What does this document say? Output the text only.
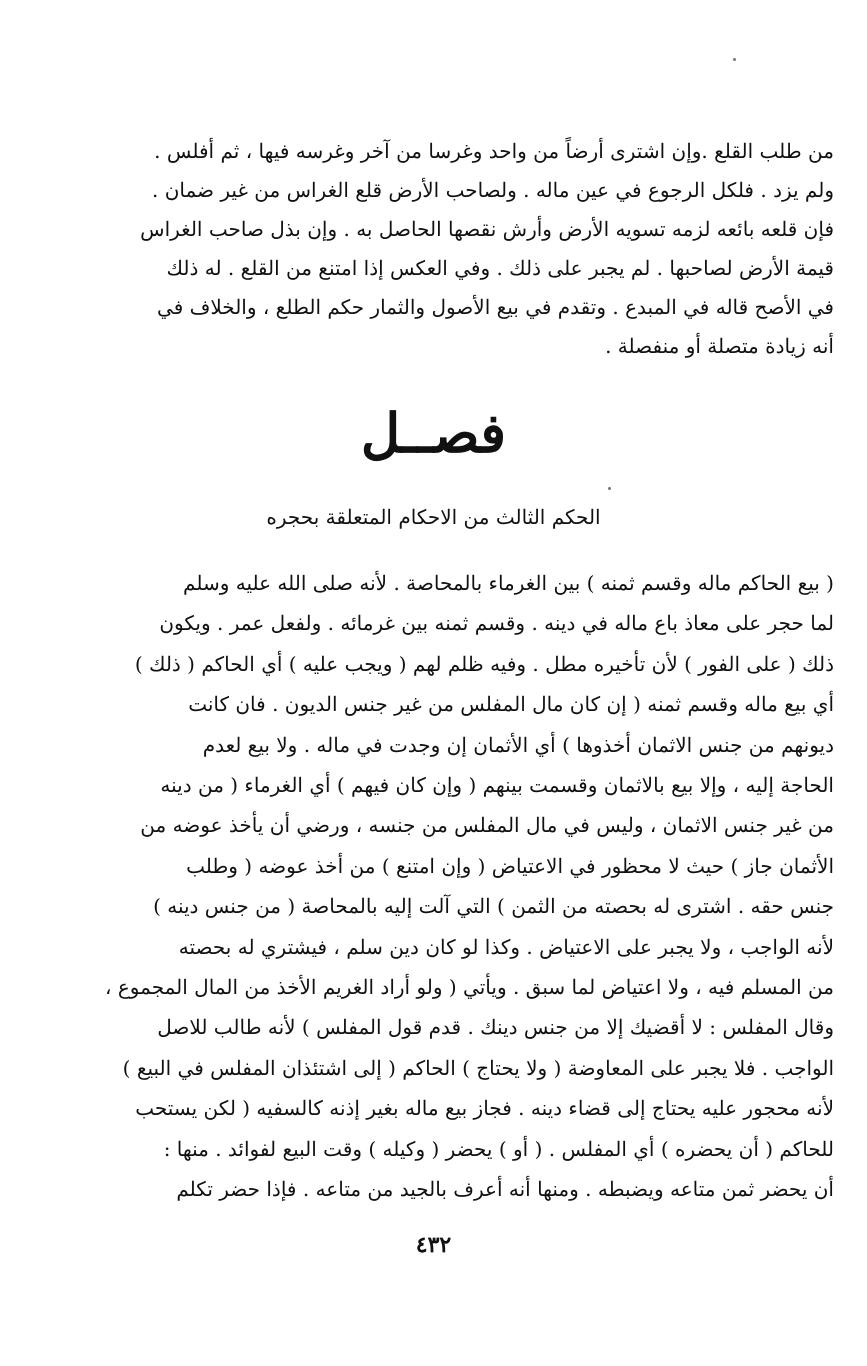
من طلب القلع .وإن اشترى أرضاً من واحد وغرسا من آخر وغرسه فيها ، ثم أفلس .
ولم يزد . فلكل الرجوع في عين ماله . ولصاحب الأرض قلع الغراس من غير ضمان .
فإن قلعه بائعه لزمه تسويه الأرض وأرش نقصها الحاصل به . وإن بذل صاحب الغراس
قيمة الأرض لصاحبها . لم يجبر على ذلك . وفي العكس إذا امتنع من القلع . له ذلك
في الأصح قاله في المبدع . وتقدم في بيع الأصول والثمار حكم الطلع ، والخلاف في
أنه زيادة متصلة أو منفصلة .
فصــل
الحكم الثالث من الاحكام المتعلقة بحجره
( بيع الحاكم ماله وقسم ثمنه ) بين الغرماء بالمحاصة . لأنه صلى الله عليه وسلم
لما حجر على معاذ باع ماله في دينه . وقسم ثمنه بين غرمائه . ولفعل عمر . ويكون
ذلك ( على الفور ) لأن تأخيره مطل . وفيه ظلم لهم ( ويجب عليه ) أي الحاكم ( ذلك )
أي بيع ماله وقسم ثمنه ( إن كان مال المفلس من غير جنس الديون . فان كانت
ديونهم من جنس الاثمان أخذوها ) أي الأثمان إن وجدت في ماله . ولا بيع لعدم
الحاجة إليه ، وإلا بيع بالاثمان وقسمت بينهم ( وإن كان فيهم ) أي الغرماء ( من دينه
من غير جنس الاثمان ، وليس في مال المفلس من جنسه ، ورضي أن يأخذ عوضه من
الأثمان جاز ) حيث لا محظور في الاعتياض ( وإن امتنع ) من أخذ عوضه ( وطلب
جنس حقه . اشترى له بحصته من الثمن ) التي آلت إليه بالمحاصة ( من جنس دينه )
لأنه الواجب ، ولا يجبر على الاعتياض . وكذا لو كان دين سلم ، فيشتري له بحصته
من المسلم فيه ، ولا اعتياض لما سبق . ويأتي ( ولو أراد الغريم الأخذ من المال المجموع ،
وقال المفلس : لا أقضيك إلا من جنس دينك . قدم قول المفلس ) لأنه طالب للاصل
الواجب . فلا يجبر على المعاوضة ( ولا يحتاج ) الحاكم ( إلى اشتئذان المفلس في البيع )
لأنه محجور عليه يحتاج إلى قضاء دينه . فجاز بيع ماله بغير إذنه كالسفيه ( لكن يستحب
للحاكم ( أن يحضره ) أي المفلس . ( أو ) يحضر ( وكيله ) وقت البيع لفوائد . منها :
أن يحضر ثمن متاعه ويضبطه . ومنها أنه أعرف بالجيد من متاعه . فإذا حضر تكلم
٤٣٢
